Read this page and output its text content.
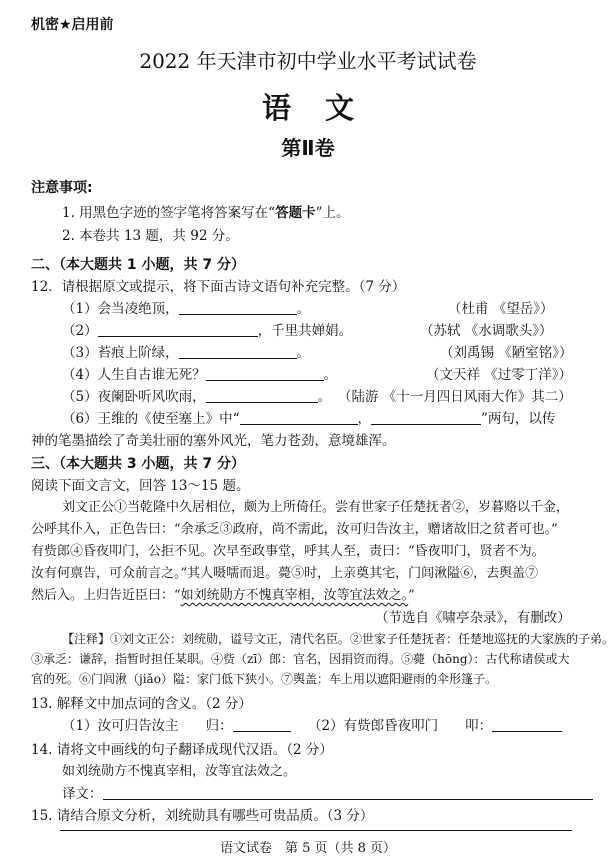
机密★启用前
2022 年天津市初中学业水平考试试卷
语文
第Ⅱ卷
注意事项:
1. 用黑色字迹的签字笔将答案写在“答题卡”上。
2. 本卷共 13 题，共 92 分。
二、（本大题共 1 小题，共 7 分）
12．请根据原文或提示，将下面古诗文语句补充完整。（7 分）
（1）会当凌绝顶，	。	（杜甫 《望岳》）
（2）	，千里共婵娟。	（苏轼 《水调歌头》）
（3）苔痕上阶绿，	。	（刘禹锡 《陋室铭》）
（4）人生自古谁无死？	。	（文天祥 《过零丁洋》）
（5）夜阑卧听风吹雨，	。 （陆游 《十一月四日风雨大作》其二）
（6）王维的《使至塞上》中“	，	”两句，以传
神的笔墨描绘了奇美壮丽的塞外风光，笔力苍劲，意境雄浑。
三、（本大题共 3 小题，共 7 分）
阅读下面文言文，回答 13～15 题。
刘文正公①当乾隆中久居相位，颇为上所倚任。尝有世家子任楚抚者②，岁暮赂以千金，
公呼其仆入，正色告曰：“余承乏③政府，尚不需此，汝可归告汝主，赠诸故旧之贫者可也。”
有赀郎④昏夜叩门，公拒不见。次早至政事堂，呼其人至，责曰：“昏夜叩门，贤者不为。
汝有何禀告，可众前言之。”其人嗫嚅而退。薨⑤时，上亲奠其宅，门闾湫隘⑥，去舆盖⑦
然后入。上归告近臣曰：“如刘统勋方不愧真宰相，汝等宜法效之。”
（节选自《啸亭杂录》，有删改）
【注释】①刘文正公：刘统勋，谥号文正，清代名臣。②世家子任楚抚者：任楚地巡抚的大家族的子弟。
③承乏：谦辞，指暂时担任某职。④赀（zī）郎：官名，因捐资而得。⑤薨（hōng）：古代称诸侯或大
官的死。⑥门闾湫（jiǎo）隘：家门低下狭小。⑦舆盖：车上用以遮阳避雨的伞形篷子。
13. 解释文中加点词的含义。（2 分）
（1）汝可归告汝主　　 归：	（2）有赀郎昏夜叩门　　 叩：
14. 请将文中画线的句子翻译成现代汉语。（2 分）
如刘统勋方不愧真宰相，汝等宜法效之。
译文：
15. 请结合原文分析，刘统勋具有哪些可贵品质。（3 分）
语文试卷　第 5 页（共 8 页）
